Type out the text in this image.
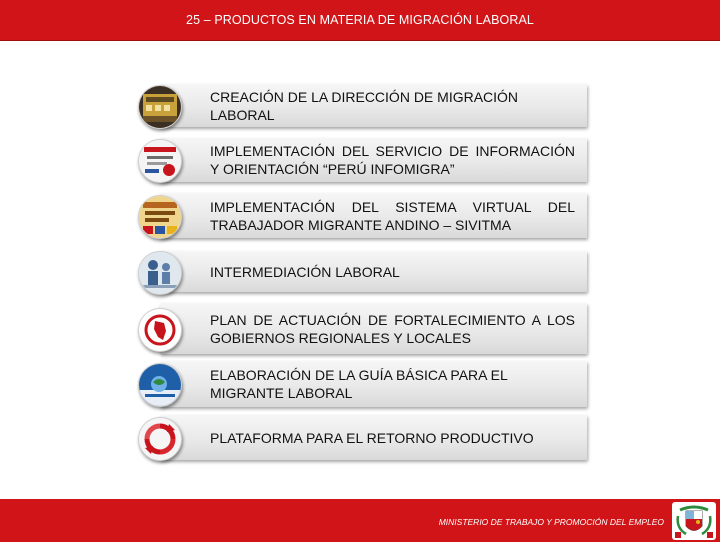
25 – PRODUCTOS EN MATERIA DE MIGRACIÓN LABORAL
CREACIÓN DE LA DIRECCIÓN DE MIGRACIÓN LABORAL
IMPLEMENTACIÓN DEL SERVICIO DE INFORMACIÓN Y ORIENTACIÓN “PERÚ INFOMIGRA”
IMPLEMENTACIÓN DEL SISTEMA VIRTUAL DEL TRABAJADOR MIGRANTE ANDINO – SIVITMA
INTERMEDIACIÓN LABORAL
PLAN DE ACTUACIÓN DE FORTALECIMIENTO A LOS GOBIERNOS REGIONALES Y LOCALES
ELABORACIÓN DE LA GUÍA BÁSICA PARA EL MIGRANTE LABORAL
PLATAFORMA PARA EL RETORNO PRODUCTIVO
MINISTERIO DE TRABAJO Y PROMOCIÓN DEL EMPLEO
